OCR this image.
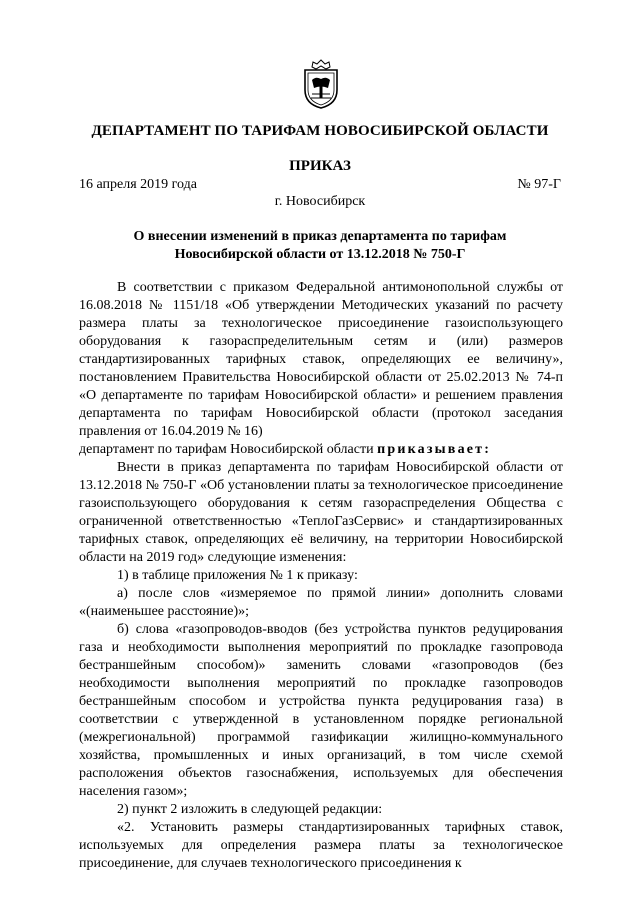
ДЕПАРТАМЕНТ ПО ТАРИФАМ НОВОСИБИРСКОЙ ОБЛАСТИ
ПРИКАЗ
16 апреля 2019 года	№ 97-Г
г. Новосибирск
О внесении изменений в приказ департамента по тарифам Новосибирской области от 13.12.2018 № 750-Г

В соответствии с приказом Федеральной антимонопольной службы от 16.08.2018 № 1151/18 «Об утверждении Методических указаний по расчету размера платы за технологическое присоединение газоиспользующего оборудования к газораспределительным сетям и (или) размеров стандартизированных тарифных ставок, определяющих ее величину», постановлением Правительства Новосибирской области от 25.02.2013 № 74-п «О департаменте по тарифам Новосибирской области» и решением правления департамента по тарифам Новосибирской области (протокол заседания правления от 16.04.2019 № 16)

департамент по тарифам Новосибирской области приказывает:

Внести в приказ департамента по тарифам Новосибирской области от 13.12.2018 № 750-Г «Об установлении платы за технологическое присоединение газоиспользующего оборудования к сетям газораспределения Общества с ограниченной ответственностью «ТеплоГазСервис» и стандартизированных тарифных ставок, определяющих её величину, на территории Новосибирской области на 2019 год» следующие изменения:

1) в таблице приложения № 1 к приказу:

а) после слов «измеряемое по прямой линии» дополнить словами «(наименьшее расстояние)»;

б) слова «газопроводов-вводов (без устройства пунктов редуцирования газа и необходимости выполнения мероприятий по прокладке газопровода бестраншейным способом)» заменить словами «газопроводов (без необходимости выполнения мероприятий по прокладке газопроводов бестраншейным способом и устройства пункта редуцирования газа) в соответствии с утвержденной в установленном порядке региональной (межрегиональной) программой газификации жилищно-коммунального хозяйства, промышленных и иных организаций, в том числе схемой расположения объектов газоснабжения, используемых для обеспечения населения газом»;

2) пункт 2 изложить в следующей редакции:

«2. Установить размеры стандартизированных тарифных ставок, используемых для определения размера платы за технологическое присоединение, для случаев технологического присоединения к
